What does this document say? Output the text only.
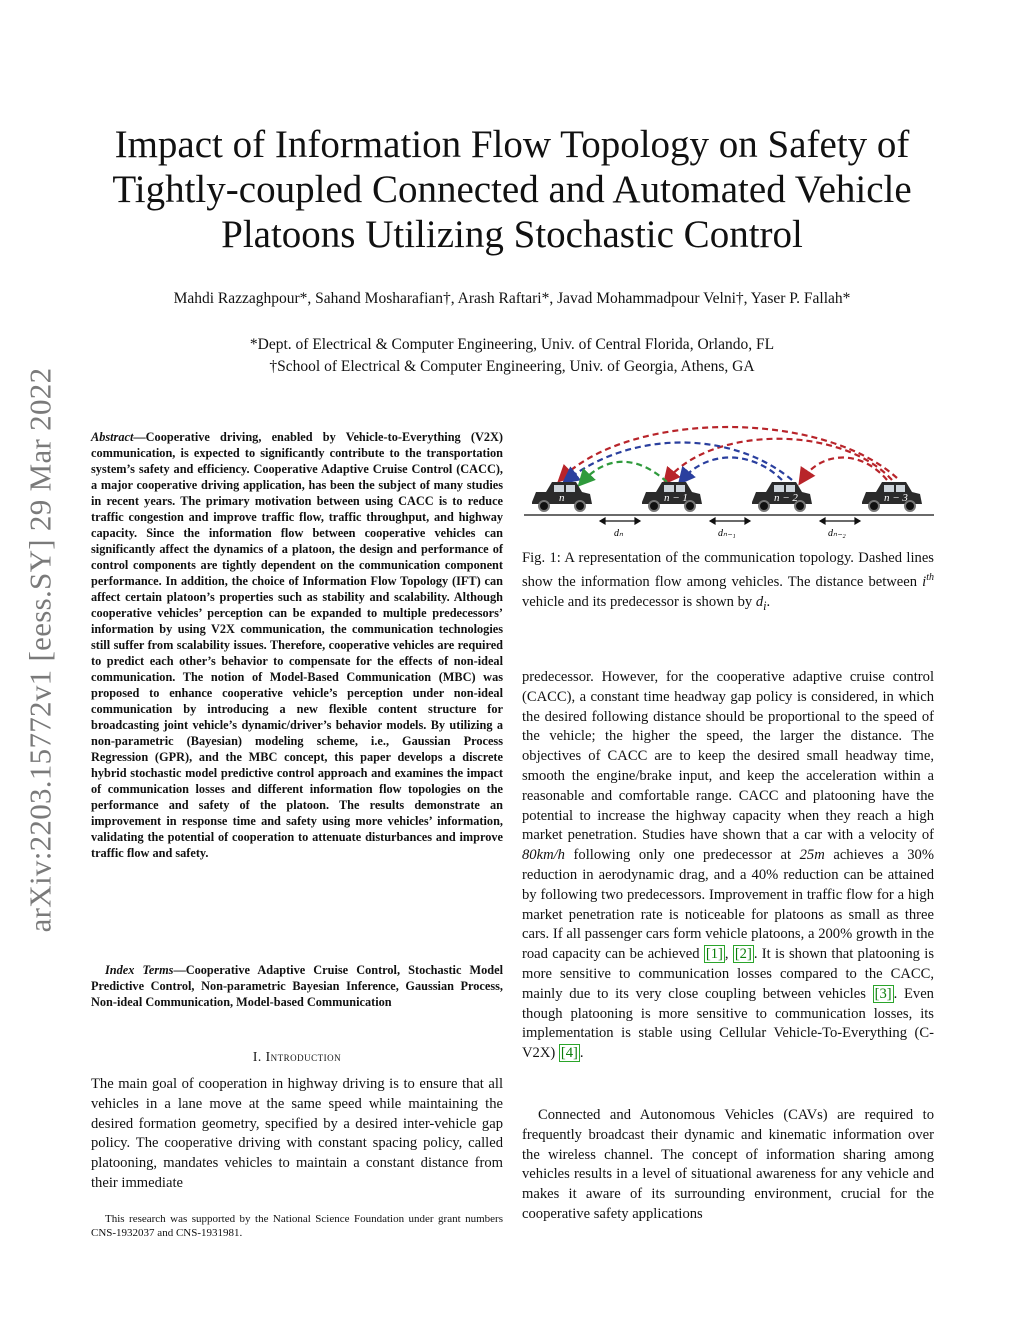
arXiv:2203.15772v1 [eess.SY] 29 Mar 2022
Impact of Information Flow Topology on Safety of
Tightly-coupled Connected and Automated Vehicle
Platoons Utilizing Stochastic Control
Mahdi Razzaghpour*, Sahand Mosharafian†, Arash Raftari*, Javad Mohammadpour Velni†, Yaser P. Fallah*
*Dept. of Electrical & Computer Engineering, Univ. of Central Florida, Orlando, FL
†School of Electrical & Computer Engineering, Univ. of Georgia, Athens, GA

Abstract—Cooperative driving, enabled by Vehicle-to-Everything (V2X) communication, is expected to significantly contribute to the transportation system’s safety and efficiency. Cooperative Adaptive Cruise Control (CACC), a major cooperative driving application, has been the subject of many studies in recent years. The primary motivation between using CACC is to reduce traffic congestion and improve traffic flow, traffic throughput, and highway capacity. Since the information flow between cooperative vehicles can significantly affect the dynamics of a platoon, the design and performance of control components are tightly dependent on the communication component performance. In addition, the choice of Information Flow Topology (IFT) can affect certain platoon’s properties such as stability and scalability. Although cooperative vehicles’ perception can be expanded to multiple predecessors’ information by using V2X communication, the communication technologies still suffer from scalability issues. Therefore, cooperative vehicles are required to predict each other’s behavior to compensate for the effects of non-ideal communication. The notion of Model-Based Communication (MBC) was proposed to enhance cooperative vehicle’s perception under non-ideal communication by introducing a new flexible content structure for broadcasting joint vehicle’s dynamic/driver’s behavior models. By utilizing a non-parametric (Bayesian) modeling scheme, i.e., Gaussian Process Regression (GPR), and the MBC concept, this paper develops a discrete hybrid stochastic model predictive control approach and examines the impact of communication losses and different information flow topologies on the performance and safety of the platoon. The results demonstrate an improvement in response time and safety using more vehicles’ information, validating the potential of cooperation to attenuate disturbances and improve traffic flow and safety.

Index Terms—Cooperative Adaptive Cruise Control, Stochastic Model Predictive Control, Non-parametric Bayesian Inference, Gaussian Process, Non-ideal Communication, Model-based Communication

I. Introduction

The main goal of cooperation in highway driving is to ensure that all vehicles in a lane move at the same speed while maintaining the desired formation geometry, specified by a desired inter-vehicle gap policy. The cooperative driving with constant spacing policy, called platooning, mandates vehicles to maintain a constant distance from their immediate

This research was supported by the National Science Foundation under grant numbers CNS-1932037 and CNS-1931981.

n	n − 1	n − 2	n − 3
dₙ	dₙ₋₁	dₙ₋₂

Fig. 1: A representation of the communication topology. Dashed lines show the information flow among vehicles. The distance between $i^{th}$ vehicle and its predecessor is shown by $d_i$.

predecessor. However, for the cooperative adaptive cruise control (CACC), a constant time headway gap policy is considered, in which the desired following distance should be proportional to the speed of the vehicle; the higher the speed, the larger the distance. The objectives of CACC are to keep the desired small headway time, smooth the engine/brake input, and keep the acceleration within a reasonable and comfortable range. CACC and platooning have the potential to increase the highway capacity when they reach a high market penetration. Studies have shown that a car with a velocity of 80km/h following only one predecessor at 25m achieves a 30% reduction in aerodynamic drag, and a 40% reduction can be attained by following two predecessors. Improvement in traffic flow for a high market penetration rate is noticeable for platoons as small as three cars. If all passenger cars form vehicle platoons, a 200% growth in the road capacity can be achieved [1] , [2] . It is shown that platooning is more sensitive to communication losses compared to the CACC, mainly due to its very close coupling between vehicles [3] . Even though platooning is more sensitive to communication losses, its implementation is stable using Cellular Vehicle-To-Everything (C-V2X) [4] .

Connected and Autonomous Vehicles (CAVs) are required to frequently broadcast their dynamic and kinematic information over the wireless channel. The concept of information sharing among vehicles results in a level of situational awareness for any vehicle and makes it aware of its surrounding environment, crucial for the cooperative safety applications
